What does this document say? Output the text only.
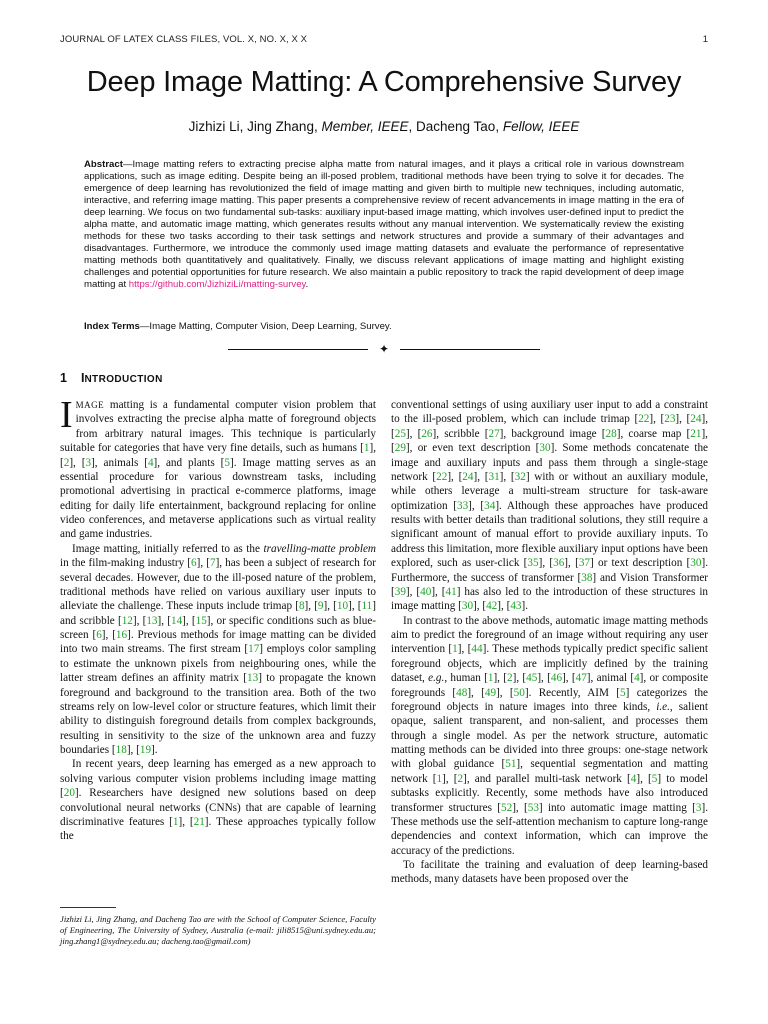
JOURNAL OF LATEX CLASS FILES, VOL. X, NO. X, X X	1
Deep Image Matting: A Comprehensive Survey
Jizhizi Li, Jing Zhang, Member, IEEE, Dacheng Tao, Fellow, IEEE
Abstract—Image matting refers to extracting precise alpha matte from natural images, and it plays a critical role in various downstream applications, such as image editing. Despite being an ill-posed problem, traditional methods have been trying to solve it for decades. The emergence of deep learning has revolutionized the field of image matting and given birth to multiple new techniques, including automatic, interactive, and referring image matting. This paper presents a comprehensive review of recent advancements in image matting in the era of deep learning. We focus on two fundamental sub-tasks: auxiliary input-based image matting, which involves user-defined input to predict the alpha matte, and automatic image matting, which generates results without any manual intervention. We systematically review the existing methods for these two tasks according to their task settings and network structures and provide a summary of their advantages and disadvantages. Furthermore, we introduce the commonly used image matting datasets and evaluate the performance of representative matting methods both quantitatively and qualitatively. Finally, we discuss relevant applications of image matting and highlight existing challenges and potential opportunities for future research. We also maintain a public repository to track the rapid development of deep image matting at https://github.com/JizhiziLi/matting-survey.
Index Terms—Image Matting, Computer Vision, Deep Learning, Survey.
✦
1 INTRODUCTION

IMAGE matting is a fundamental computer vision problem that involves extracting the precise alpha matte of foreground objects from arbitrary natural images. This technique is particularly suitable for categories that have very fine details, such as humans [1], [2], [3], animals [4], and plants [5]. Image matting serves as an essential procedure for various downstream tasks, including promotional advertising in practical e-commerce platforms, image editing for daily life entertainment, background replacing for online video conferences, and metaverse applications such as virtual reality and game industries.

Image matting, initially referred to as the travelling-matte problem in the film-making industry [6], [7], has been a subject of research for several decades. However, due to the ill-posed nature of the problem, traditional methods have relied on various auxiliary user inputs to alleviate the challenge. These inputs include trimap [8], [9], [10], [11] and scribble [12], [13], [14], [15], or specific conditions such as blue-screen [6], [16]. Previous methods for image matting can be divided into two main streams. The first stream [17] employs color sampling to estimate the unknown pixels from neighbouring ones, while the latter stream defines an affinity matrix [13] to propagate the known foreground and background to the transition area. Both of the two streams rely on low-level color or structure features, which limit their ability to distinguish foreground details from complex backgrounds, resulting in sensitivity to the size of the unknown area and fuzzy boundaries [18], [19].

In recent years, deep learning has emerged as a new approach to solving various computer vision problems including image matting [20]. Researchers have designed new solutions based on deep convolutional neural networks (CNNs) that are capable of learning discriminative features [1], [21]. These approaches typically follow the

Jizhizi Li, Jing Zhang, and Dacheng Tao are with the School of Computer Science, Faculty of Engineering, The University of Sydney, Australia (e-mail: jili8515@uni.sydney.edu.au; jing.zhang1@sydney.edu.au; dacheng.tao@gmail.com)

conventional settings of using auxiliary user input to add a constraint to the ill-posed problem, which can include trimap [22], [23], [24], [25], [26], scribble [27], background image [28], coarse map [21], [29], or even text description [30]. Some methods concatenate the image and auxiliary inputs and pass them through a single-stage network [22], [24], [31], [32] with or without an auxiliary module, while others leverage a multi-stream structure for task-aware optimization [33], [34]. Although these approaches have produced results with better details than traditional solutions, they still require a significant amount of manual effort to provide auxiliary inputs. To address this limitation, more flexible auxiliary input options have been explored, such as user-click [35], [36], [37] or text description [30]. Furthermore, the success of transformer [38] and Vision Transformer [39], [40], [41] has also led to the introduction of these structures in image matting [30], [42], [43].

In contrast to the above methods, automatic image matting methods aim to predict the foreground of an image without requiring any user intervention [1], [44]. These methods typically predict specific salient foreground objects, which are implicitly defined by the training dataset, e.g., human [1], [2], [45], [46], [47], animal [4], or composite foregrounds [48], [49], [50]. Recently, AIM [5] categorizes the foreground objects in nature images into three kinds, i.e., salient opaque, salient transparent, and non-salient, and processes them through a single model. As per the network structure, automatic matting methods can be divided into three groups: one-stage network with global guidance [51], sequential segmentation and matting network [1], [2], and parallel multi-task network [4], [5] to model subtasks explicitly. Recently, some methods have also introduced transformer structures [52], [53] into automatic image matting [3]. These methods use the self-attention mechanism to capture long-range dependencies and context information, which can improve the accuracy of the predictions.

To facilitate the training and evaluation of deep learning-based methods, many datasets have been proposed over the
